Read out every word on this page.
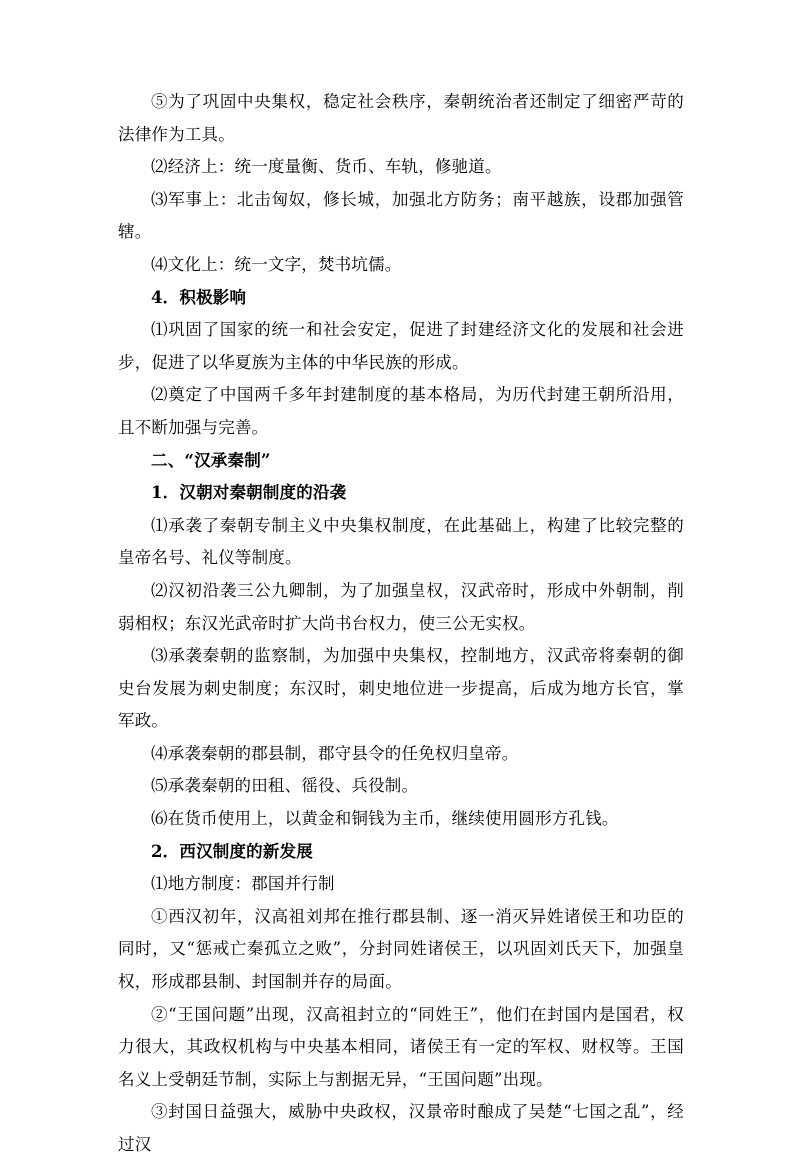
⑤为了巩固中央集权，稳定社会秩序，秦朝统治者还制定了细密严苛的法律作为工具。

⑵经济上：统一度量衡、货币、车轨，修驰道。

⑶军事上：北击匈奴，修长城，加强北方防务；南平越族，设郡加强管辖。

⑷文化上：统一文字，焚书坑儒。

4．积极影响

⑴巩固了国家的统一和社会安定，促进了封建经济文化的发展和社会进步，促进了以华夏族为主体的中华民族的形成。

⑵奠定了中国两千多年封建制度的基本格局，为历代封建王朝所沿用，且不断加强与完善。

二、“汉承秦制”

1．汉朝对秦朝制度的沿袭

⑴承袭了秦朝专制主义中央集权制度，在此基础上，构建了比较完整的皇帝名号、礼仪等制度。

⑵汉初沿袭三公九卿制，为了加强皇权，汉武帝时，形成中外朝制，削弱相权；东汉光武帝时扩大尚书台权力，使三公无实权。

⑶承袭秦朝的监察制，为加强中央集权，控制地方，汉武帝将秦朝的御史台发展为刺史制度；东汉时，刺史地位进一步提高，后成为地方长官，掌军政。

⑷承袭秦朝的郡县制，郡守县令的任免权归皇帝。

⑸承袭秦朝的田租、徭役、兵役制。

⑹在货币使用上，以黄金和铜钱为主币，继续使用圆形方孔钱。

2．西汉制度的新发展

⑴地方制度：郡国并行制

①西汉初年，汉高祖刘邦在推行郡县制、逐一消灭异姓诸侯王和功臣的同时，又“惩戒亡秦孤立之败”，分封同姓诸侯王，以巩固刘氏天下，加强皇权，形成郡县制、封国制并存的局面。

②“王国问题”出现，汉高祖封立的“同姓王”，他们在封国内是国君，权力很大，其政权机构与中央基本相同，诸侯王有一定的军权、财权等。王国名义上受朝廷节制，实际上与割据无异，“王国问题”出现。

③封国日益强大，威胁中央政权，汉景帝时酿成了吴楚“七国之乱”，经过汉
